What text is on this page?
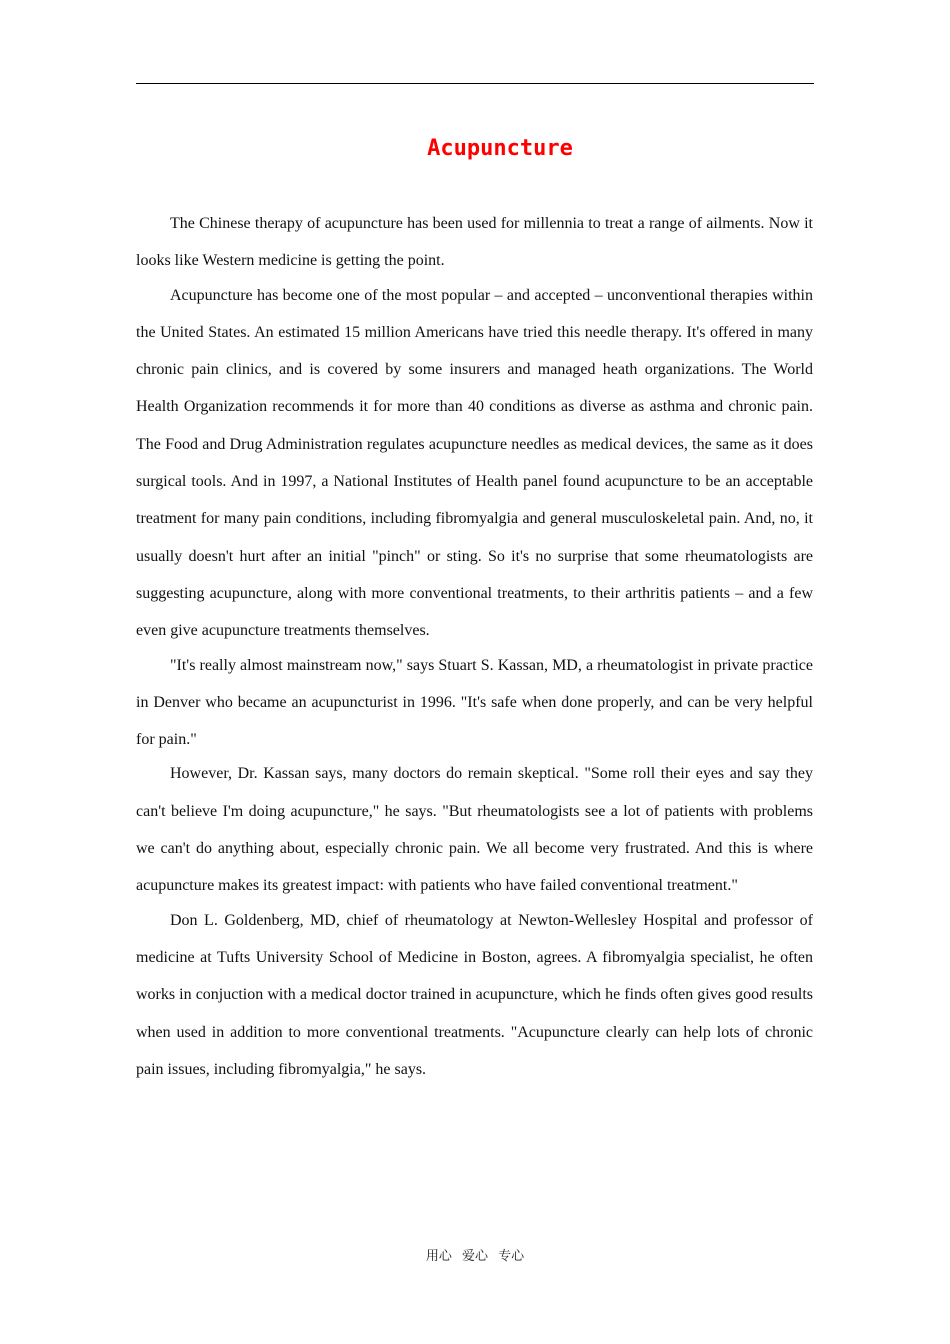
Acupuncture

The Chinese therapy of acupuncture has been used for millennia to treat a range of ailments. Now it looks like Western medicine is getting the point.

Acupuncture has become one of the most popular – and accepted – unconventional therapies within the United States. An estimated 15 million Americans have tried this needle therapy. It's offered in many chronic pain clinics, and is covered by some insurers and managed heath organizations. The World Health Organization recommends it for more than 40 conditions as diverse as asthma and chronic pain. The Food and Drug Administration regulates acupuncture needles as medical devices, the same as it does surgical tools. And in 1997, a National Institutes of Health panel found acupuncture to be an acceptable treatment for many pain conditions, including fibromyalgia and general musculoskeletal pain. And, no, it usually doesn't hurt after an initial "pinch" or sting. So it's no surprise that some rheumatologists are suggesting acupuncture, along with more conventional treatments, to their arthritis patients – and a few even give acupuncture treatments themselves.

"It's really almost mainstream now," says Stuart S. Kassan, MD, a rheumatologist in private practice in Denver who became an acupuncturist in 1996. "It's safe when done properly, and can be very helpful for pain."

However, Dr. Kassan says, many doctors do remain skeptical. "Some roll their eyes and say they can't believe I'm doing acupuncture," he says. "But rheumatologists see a lot of patients with problems we can't do anything about, especially chronic pain. We all become very frustrated. And this is where acupuncture makes its greatest impact: with patients who have failed conventional treatment."

Don L. Goldenberg, MD, chief of rheumatology at Newton-Wellesley Hospital and professor of medicine at Tufts University School of Medicine in Boston, agrees. A fibromyalgia specialist, he often works in conjuction with a medical doctor trained in acupuncture, which he finds often gives good results when used in addition to more conventional treatments. "Acupuncture clearly can help lots of chronic pain issues, including fibromyalgia," he says.

用心 爱心 专心
